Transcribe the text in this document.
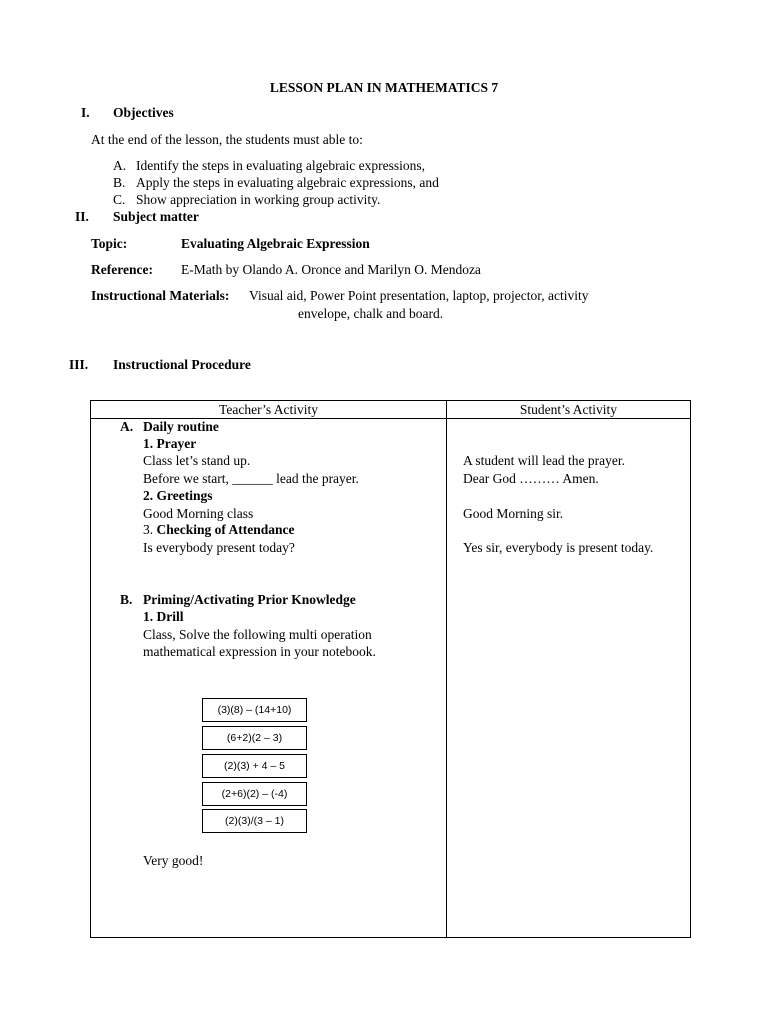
LESSON PLAN IN MATHEMATICS 7
I. Objectives
At the end of the lesson, the students must able to:
A. Identify the steps in evaluating algebraic expressions,
B. Apply the steps in evaluating algebraic expressions, and
C. Show appreciation in working group activity.
II. Subject matter
Topic:	Evaluating Algebraic Expression
Reference: E-Math by Olando A. Oronce and Marilyn O. Mendoza
Instructional Materials: Visual aid, Power Point presentation, laptop, projector, activity
envelope, chalk and board.
III. Instructional Procedure
Teacher’s Activity	Student’s Activity
A. Daily routine
1. Prayer
Class let’s stand up.
Before we start, ______ lead the prayer.
2. Greetings
Good Morning class
3. Checking of Attendance
Is everybody present today?
A student will lead the prayer.
Dear God ……… Amen.
Good Morning sir.
Yes sir, everybody is present today.
B. Priming/Activating Prior Knowledge
1. Drill
Class, Solve the following multi operation
mathematical expression in your notebook.
(3)(8) – (14+10)
(6+2)(2 – 3)
(2)(3) + 4 – 5
(2+6)(2) – (-4)
(2)(3)/(3 – 1)
Very good!
